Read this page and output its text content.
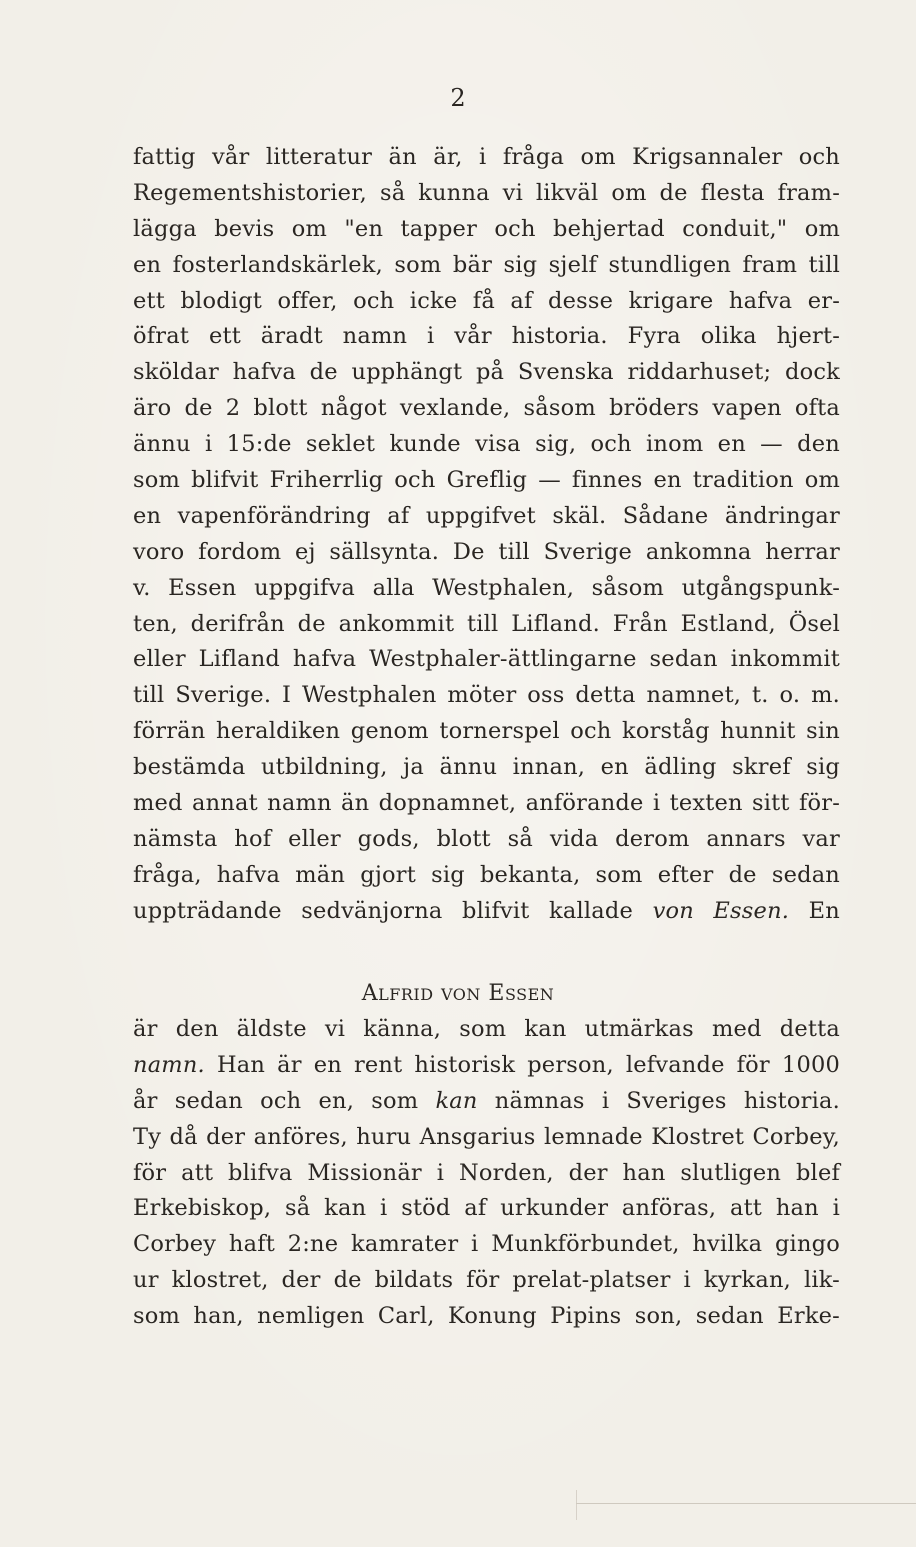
2
fattig vår litteratur än är, i fråga om Krigsannaler och
Regementshistorier, så kunna vi likväl om de flesta fram-
lägga bevis om "en tapper och behjertad conduit," om
en fosterlandskärlek, som bär sig sjelf stundligen fram till
ett blodigt offer, och icke få af desse krigare hafva er-
öfrat ett äradt namn i vår historia. Fyra olika hjert-
sköldar hafva de upphängt på Svenska riddarhuset; dock
äro de 2 blott något vexlande, såsom bröders vapen ofta
ännu i 15:de seklet kunde visa sig, och inom en — den
som blifvit Friherrlig och Greflig — finnes en tradition om
en vapenförändring af uppgifvet skäl. Sådane ändringar
voro fordom ej sällsynta. De till Sverige ankomna herrar
v. Essen uppgifva alla Westphalen, såsom utgångspunk-
ten, derifrån de ankommit till Lifland. Från Estland, Ösel
eller Lifland hafva Westphaler-ättlingarne sedan inkommit
till Sverige. I Westphalen möter oss detta namnet, t. o. m.
förrän heraldiken genom tornerspel och korståg hunnit sin
bestämda utbildning, ja ännu innan, en ädling skref sig
med annat namn än dopnamnet, anförande i texten sitt för-
nämsta hof eller gods, blott så vida derom annars var
fråga, hafva män gjort sig bekanta, som efter de sedan
uppträdande sedvänjorna blifvit kallade von Essen. En
ALFRID VON ESSEN
är den äldste vi känna, som kan utmärkas med detta
namn. Han är en rent historisk person, lefvande för 1000
år sedan och en, som kan nämnas i Sveriges historia.
Ty då der anföres, huru Ansgarius lemnade Klostret Corbey,
för att blifva Missionär i Norden, der han slutligen blef
Erkebiskop, så kan i stöd af urkunder anföras, att han i
Corbey haft 2:ne kamrater i Munkförbundet, hvilka gingo
ur klostret, der de bildats för prelat-platser i kyrkan, lik-
som han, nemligen Carl, Konung Pipins son, sedan Erke-
